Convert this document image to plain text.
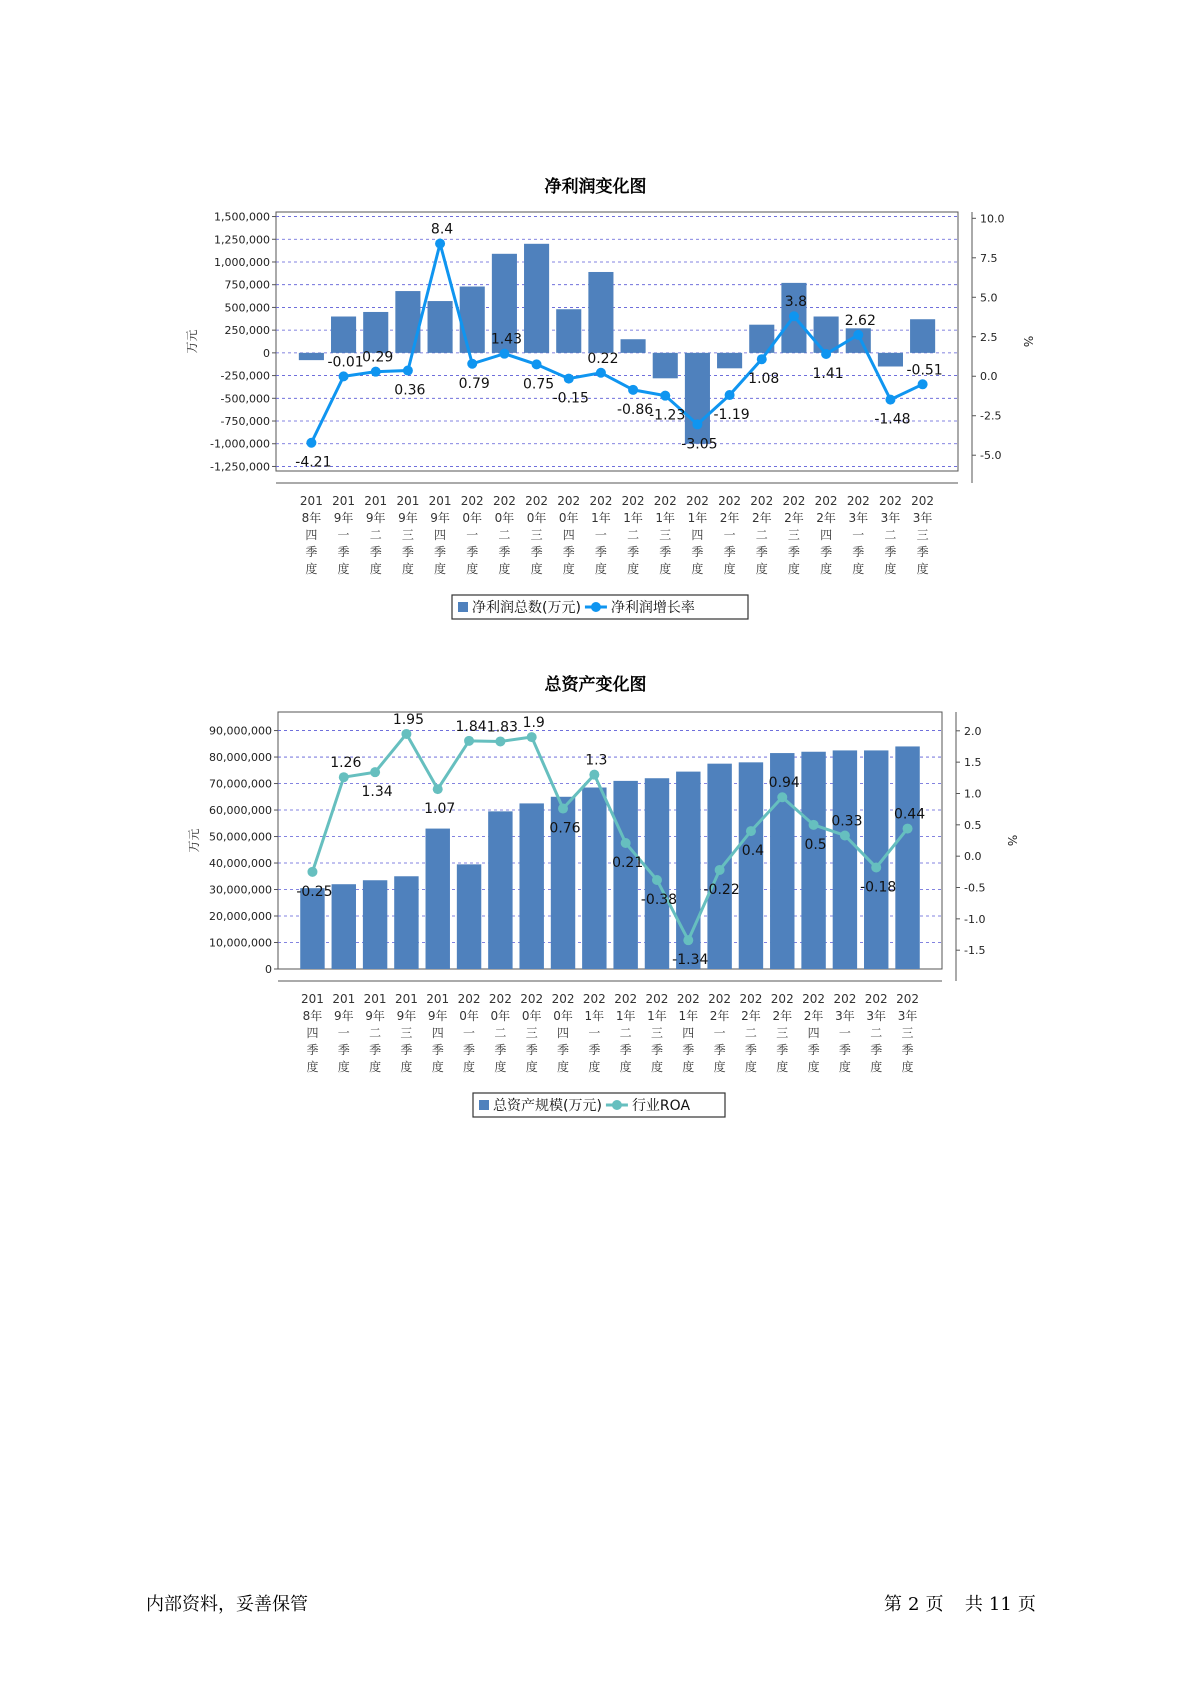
净利润变化图
1,500,000
1,250,000
1,000,000
750,000
500,000
250,000
0
-250,000
-500,000
-750,000
-1,000,000
-1,250,000
10.0
7.5
5.0
2.5
0.0
-2.5
-5.0
万元	%
-4.21
-0.01
0.29
0.36
8.4
0.79
1.43
0.75
-0.15
0.22
-0.86
-1.23
-3.05
-1.19
1.08
3.8
1.41
2.62
-1.48
-0.51
201
8年
四
季
度
201
9年
一
季
度
201
9年
二
季
度
201
9年
三
季
度
201
9年
四
季
度
202
0年
一
季
度
202
0年
二
季
度
202
0年
三
季
度
202
0年
四
季
度
202
1年
一
季
度
202
1年
二
季
度
202
1年
三
季
度
202
1年
四
季
度
202
2年
一
季
度
202
2年
二
季
度
202
2年
三
季
度
202
2年
四
季
度
202
3年
一
季
度
202
3年
二
季
度
202
3年
三
季
度
净利润总数(万元) 净利润增长率
总资产变化图
90,000,000
80,000,000
70,000,000
60,000,000
50,000,000
40,000,000
30,000,000
20,000,000
10,000,000
0
2.0
1.5
1.0
0.5
0.0
-0.5
-1.0
-1.5
万元	%
-0.25
1.26
1.34
1.95
1.07
1.84 1.83 1.9
0.76
1.3
0.21
-0.38
-1.34
-0.22
0.4
0.94
0.5
0.33
-0.18
0.44
201
8年
四
季
度
201
9年
一
季
度
201
9年
二
季
度
201
9年
三
季
度
201
9年
四
季
度
202
0年
一
季
度
202
0年
二
季
度
202
0年
三
季
度
202
0年
四
季
度
202
1年
一
季
度
202
1年
二
季
度
202
1年
三
季
度
202
1年
四
季
度
202
2年
一
季
度
202
2年
二
季
度
202
2年
三
季
度
202
2年
四
季
度
202
3年
一
季
度
202
3年
二
季
度
202
3年
三
季
度
总资产规模(万元) 行业ROA
内部资料，妥善保管	第 2 页 共 11 页
